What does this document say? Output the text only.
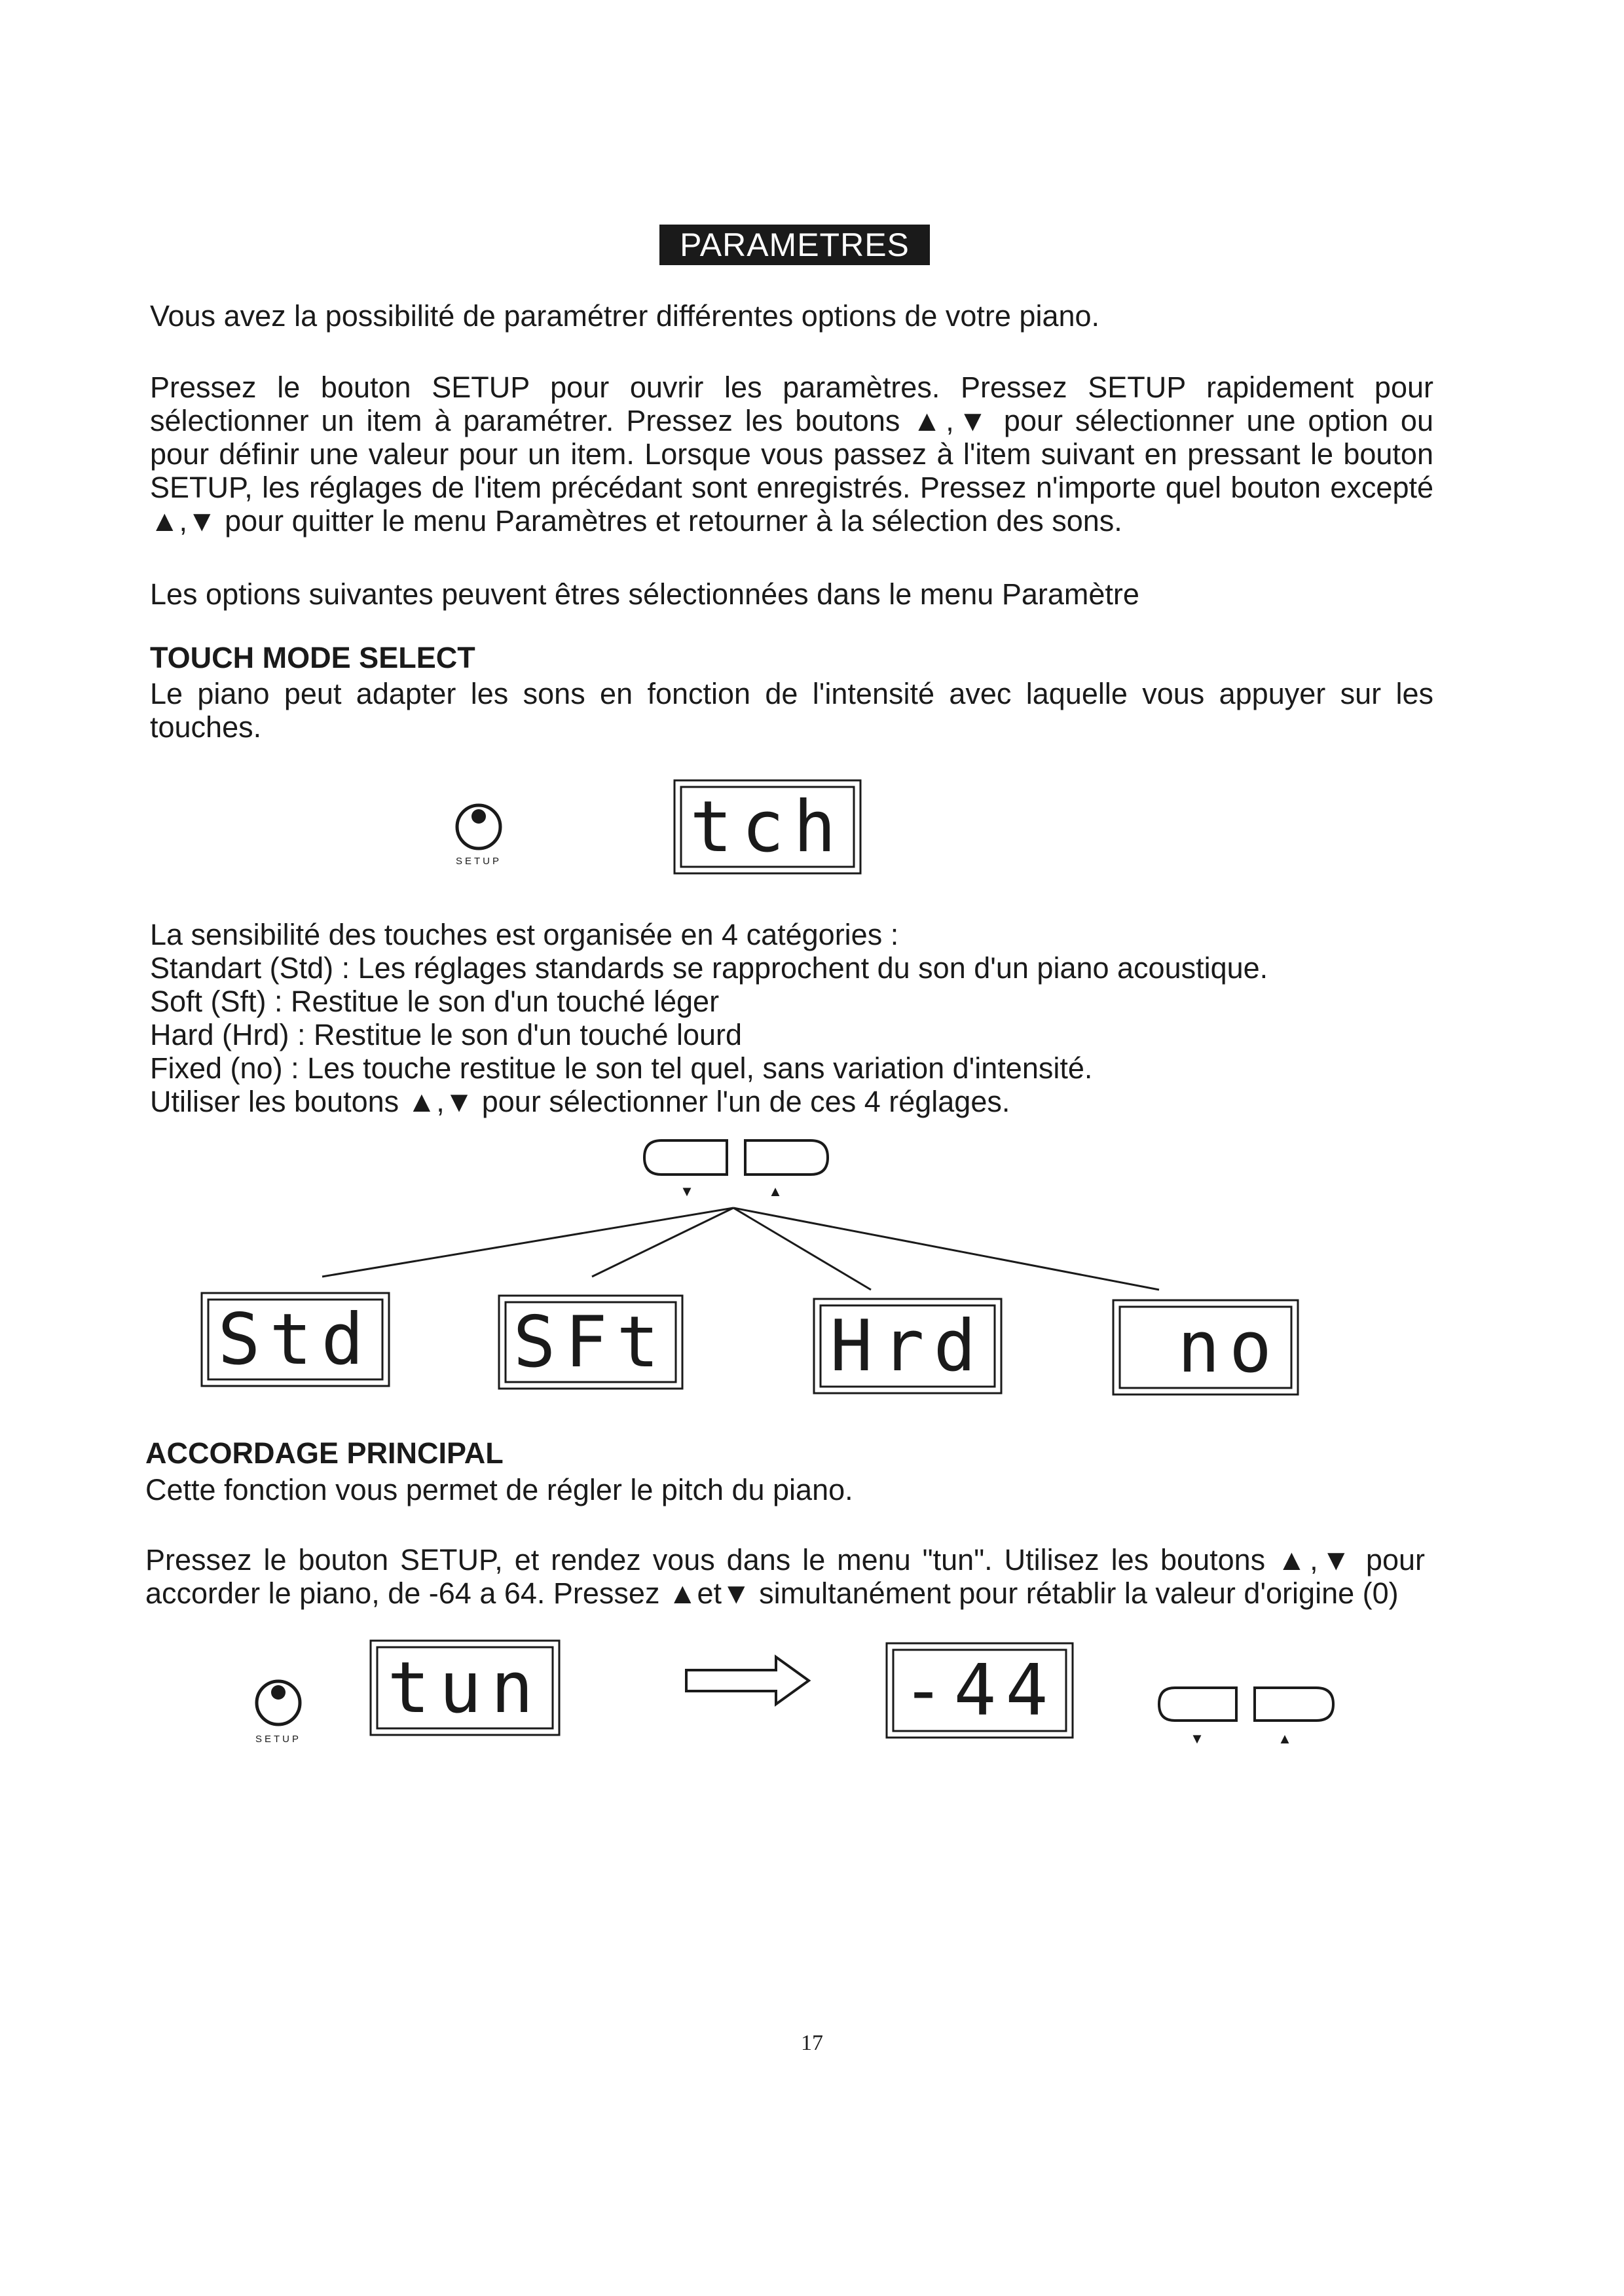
PARAMETRES

Vous avez la possibilité de paramétrer différentes options de votre piano.

Pressez le bouton SETUP pour ouvrir les paramètres. Pressez SETUP rapidement pour sélectionner un item à paramétrer. Pressez les boutons ▲,▼ pour sélectionner une option ou pour définir une valeur pour un item. Lorsque vous passez à l'item suivant en pressant le bouton SETUP, les réglages de l'item précédant sont enregistrés. Pressez n'importe quel bouton excepté ▲,▼ pour quitter le menu Paramètres et retourner à la sélection des sons.

Les options suivantes peuvent êtres sélectionnées dans le menu Paramètre

TOUCH MODE SELECT

Le piano peut adapter les sons en fonction de l'intensité avec laquelle vous appuyer sur les touches.

SETUP	tch
La sensibilité des touches est organisée en 4 catégories :
Standart (Std) : Les réglages standards se rapprochent du son d'un piano acoustique.
Soft (Sft) : Restitue le son d'un touché léger
Hard (Hrd) : Restitue le son d'un touché lourd
Fixed (no) : Les touche restitue le son tel quel, sans variation d'intensité.
Utiliser les boutons ▲,▼ pour sélectionner l'un de ces 4 réglages.
▼	▲
Std SFt Hrd	no

ACCORDAGE PRINCIPAL

Cette fonction vous permet de régler le pitch du piano.

Pressez le bouton SETUP, et rendez vous dans le menu "tun". Utilisez les boutons ▲,▼ pour accorder le piano, de -64 a 64. Pressez ▲et▼ simultanément pour rétablir la valeur d'origine (0)

SETUP
tun	-44
▼	▲
17
